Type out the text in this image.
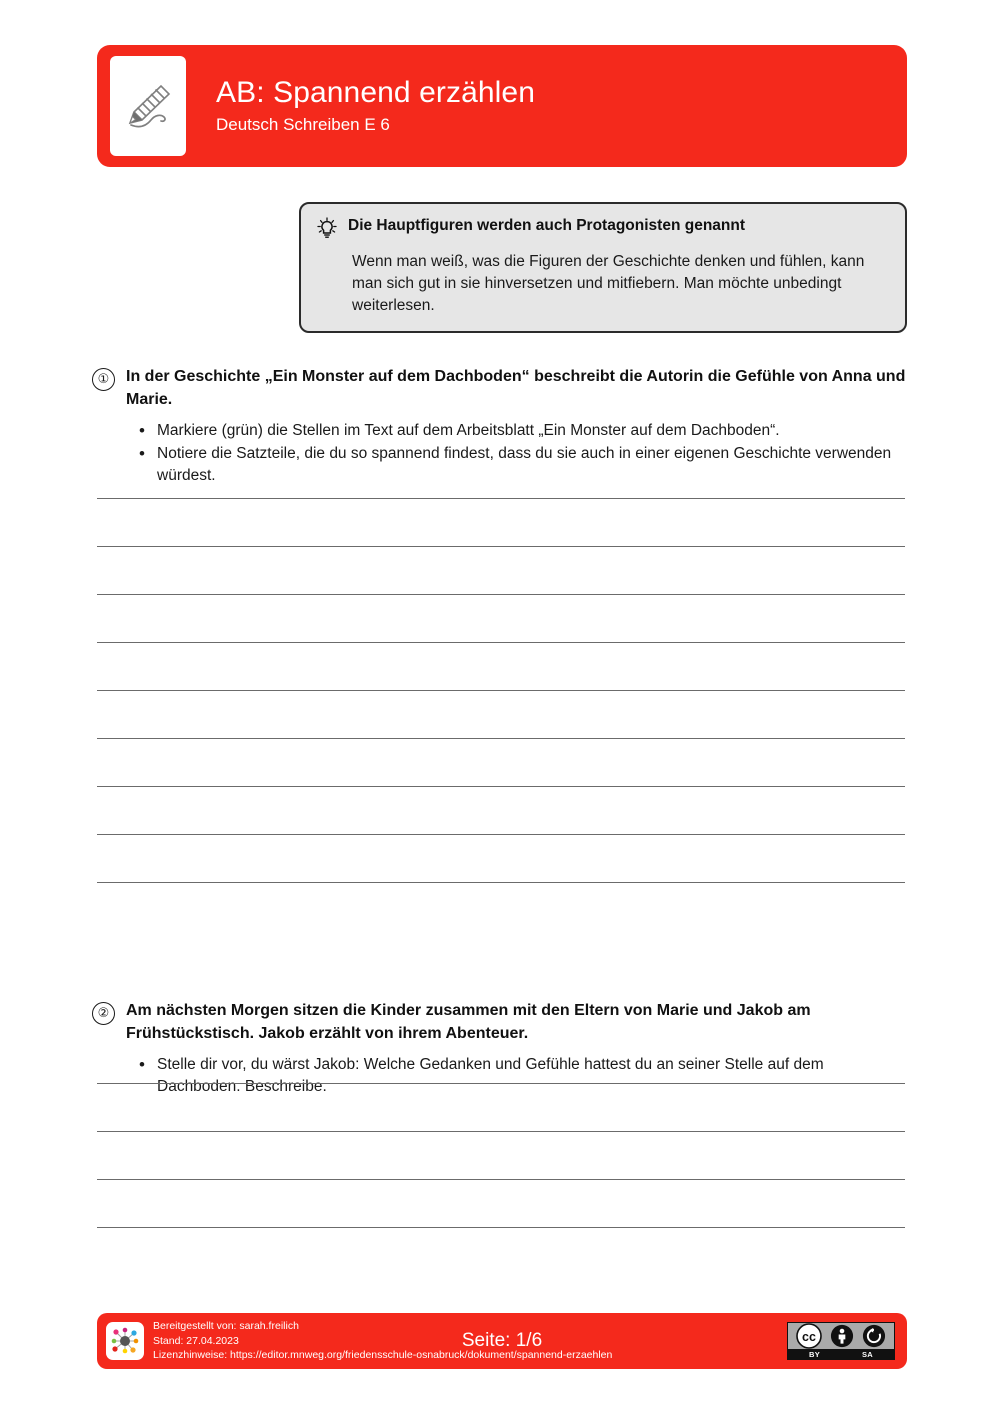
AB: Spannend erzählen
Deutsch Schreiben E 6
Die Hauptfiguren werden auch Protagonisten genannt
Wenn man weiß, was die Figuren der Geschichte denken und fühlen, kann man sich gut in sie hinversetzen und mitfiebern. Man möchte unbedingt weiterlesen.
①	In der Geschichte „Ein Monster auf dem Dachboden“ beschreibt die Autorin die Gefühle von Anna und Marie.
• Markiere (grün) die Stellen im Text auf dem Arbeitsblatt „Ein Monster auf dem Dachboden“.
• Notiere die Satzteile, die du so spannend findest, dass du sie auch in einer eigenen Geschichte verwenden würdest.
②	Am nächsten Morgen sitzen die Kinder zusammen mit den Eltern von Marie und Jakob am Frühstückstisch. Jakob erzählt von ihrem Abenteuer.
• Stelle dir vor, du wärst Jakob: Welche Gedanken und Gefühle hattest du an seiner Stelle auf dem Dachboden. Beschreibe.
Bereitgestellt von: sarah.freilich
Stand: 27.04.2023
Lizenzhinweise: https://editor.mnweg.org/friedensschule-osnabruck/dokument/spannend-erzaehlen
Seite: 1/6	cc
BY	SA
